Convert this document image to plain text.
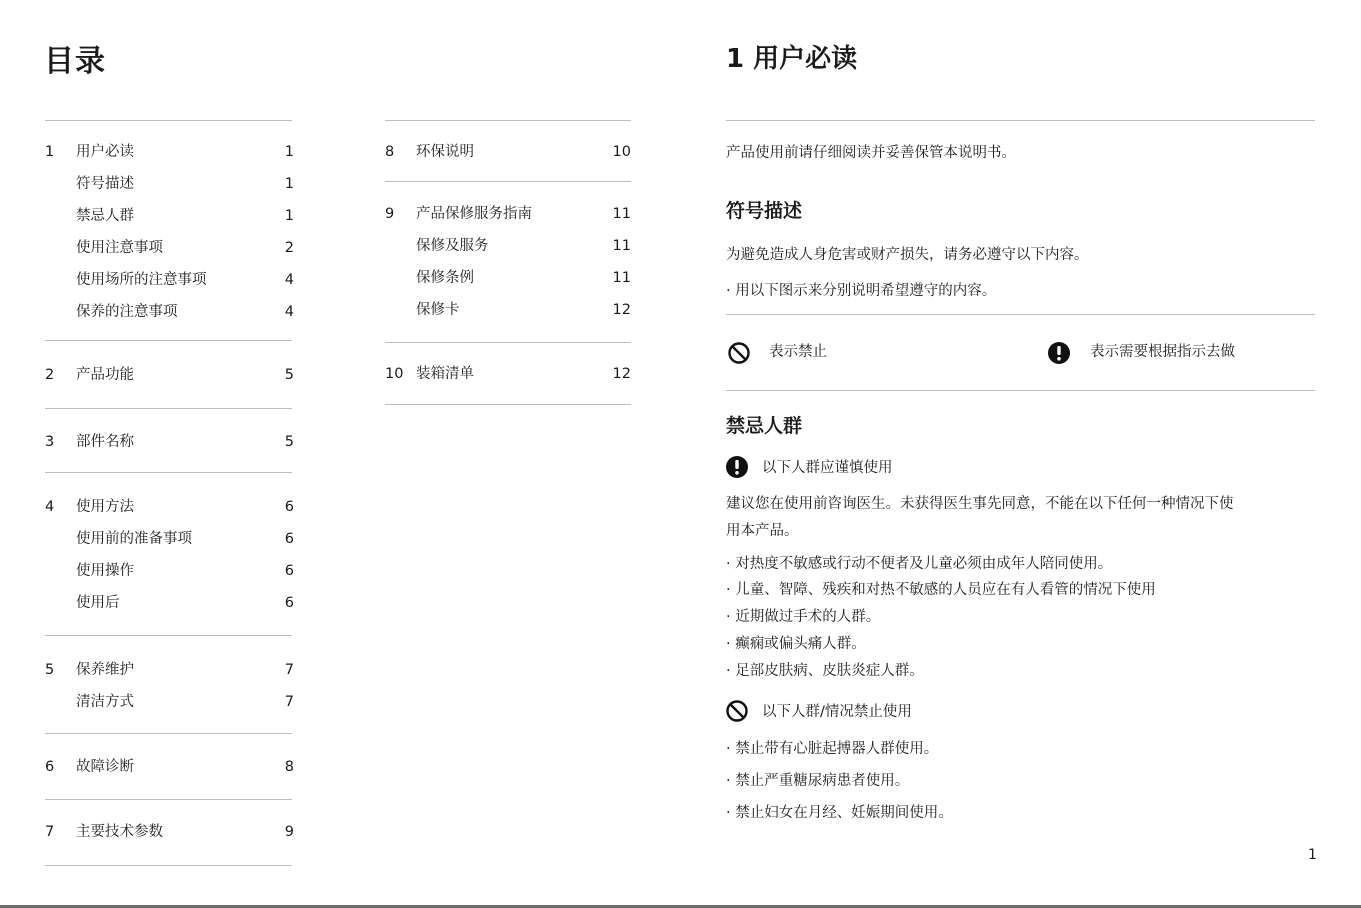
目录
1 用户必读	1
符号描述	1
禁忌人群	1
使用注意事项	2
使用场所的注意事项	4
保养的注意事项	4
2 产品功能	5
3 部件名称	5
4 使用方法	6
使用前的准备事项	6
使用操作	6
使用后	6
5 保养维护	7
清洁方式	7
6 故障诊断	8
7 主要技术参数	9
8 环保说明	10
9 产品保修服务指南	11
保修及服务	11
保修条例	11
保修卡	12
10 装箱清单	12
1 用户必读
产品使用前请仔细阅读并妥善保管本说明书。
符号描述
为避免造成人身危害或财产损失，请务必遵守以下内容。
· 用以下图示来分别说明希望遵守的内容。
表示禁止	表示需要根据指示去做
禁忌人群
以下人群应谨慎使用
建议您在使用前咨询医生。未获得医生事先同意，不能在以下任何一种情况下使
用本产品。
· 对热度不敏感或行动不便者及儿童必须由成年人陪同使用。
· 儿童、智障、残疾和对热不敏感的人员应在有人看管的情况下使用
· 近期做过手术的人群。
· 癫痫或偏头痛人群。
· 足部皮肤病、皮肤炎症人群。
以下人群/情况禁止使用
· 禁止带有心脏起搏器人群使用。
· 禁止严重糖尿病患者使用。
· 禁止妇女在月经、妊娠期间使用。
1
